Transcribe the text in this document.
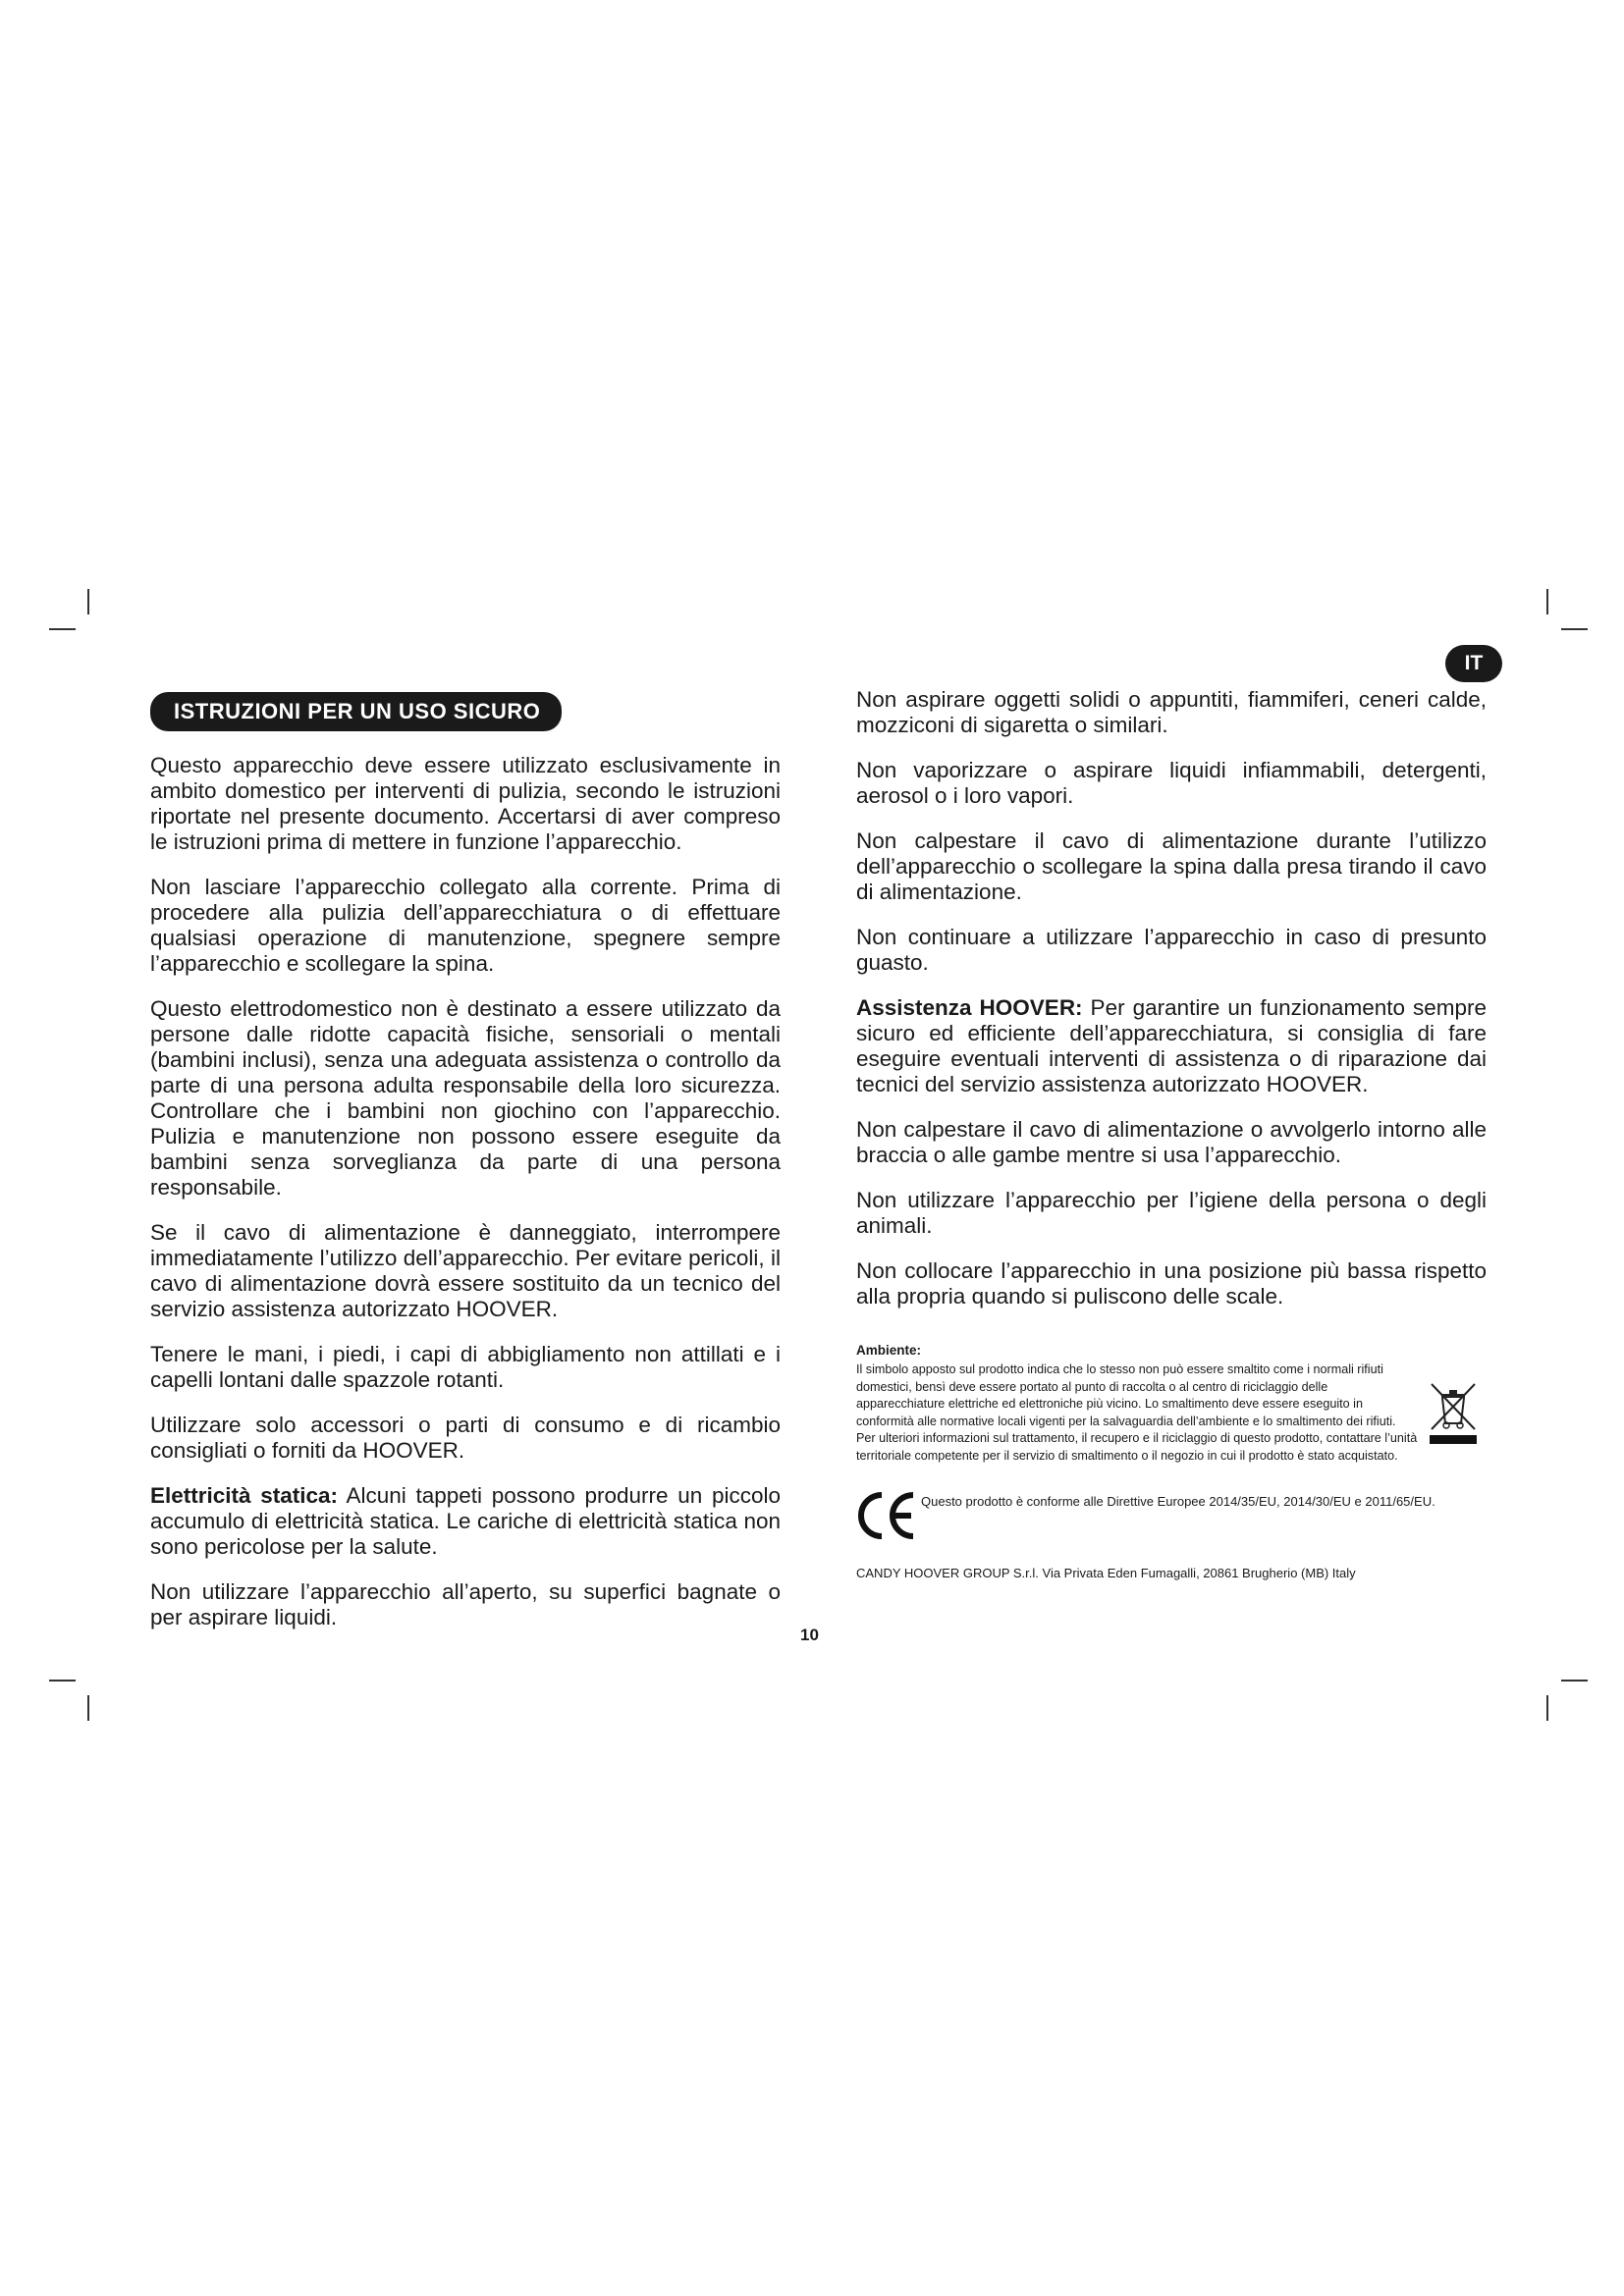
IT
ISTRUZIONI PER UN USO SICURO

Questo apparecchio deve essere utilizzato esclusivamente in ambito domestico per interventi di pulizia, secondo le istruzioni riportate nel presente documento. Accertarsi di aver compreso le istruzioni prima di mettere in funzione l’apparecchio.

Non lasciare l’apparecchio collegato alla corrente. Prima di procedere alla pulizia dell’apparecchiatura o di effettuare qualsiasi operazione di manutenzione, spegnere sempre l’apparecchio e scollegare la spina.

Questo elettrodomestico non è destinato a essere utilizzato da persone dalle ridotte capacità fisiche, sensoriali o mentali (bambini inclusi), senza una adeguata assistenza o controllo da parte di una persona adulta responsabile della loro sicurezza. Controllare che i bambini non giochino con l’apparecchio. Pulizia e manutenzione non possono essere eseguite da bambini senza sorveglianza da parte di una persona responsabile.

Se il cavo di alimentazione è danneggiato, interrompere immediatamente l’utilizzo dell’apparecchio. Per evitare pericoli, il cavo di alimentazione dovrà essere sostituito da un tecnico del servizio assistenza autorizzato HOOVER.

Tenere le mani, i piedi, i capi di abbigliamento non attillati e i capelli lontani dalle spazzole rotanti.

Utilizzare solo accessori o parti di consumo e di ricambio consigliati o forniti da HOOVER.

Elettricità statica: Alcuni tappeti possono produrre un piccolo accumulo di elettricità statica. Le cariche di elettricità statica non sono pericolose per la salute.

Non utilizzare l’apparecchio all’aperto, su superfici bagnate o per aspirare liquidi.

Non aspirare oggetti solidi o appuntiti, fiammiferi, ceneri calde, mozziconi di sigaretta o similari.

Non vaporizzare o aspirare liquidi infiammabili, detergenti, aerosol o i loro vapori.

Non calpestare il cavo di alimentazione durante l’utilizzo dell’apparecchio o scollegare la spina dalla presa tirando il cavo di alimentazione.

Non continuare a utilizzare l’apparecchio in caso di presunto guasto.

Assistenza HOOVER: Per garantire un funzionamento sempre sicuro ed efficiente dell’apparecchiatura, si consiglia di fare eseguire eventuali interventi di assistenza o di riparazione dai tecnici del servizio assistenza autorizzato HOOVER.

Non calpestare il cavo di alimentazione o avvolgerlo intorno alle braccia o alle gambe mentre si usa l’apparecchio.

Non utilizzare l’apparecchio per l’igiene della persona o degli animali.

Non collocare l’apparecchio in una posizione più bassa rispetto alla propria quando si puliscono delle scale.

Ambiente:

Il simbolo apposto sul prodotto indica che lo stesso non può essere smaltito come i normali rifiuti domestici, bensì deve essere portato al punto di raccolta o al centro di riciclaggio delle apparecchiature elettriche ed elettroniche più vicino. Lo smaltimento deve essere eseguito in conformità alle normative locali vigenti per la salvaguardia dell’ambiente e lo smaltimento dei rifiuti. Per ulteriori informazioni sul trattamento, il recupero e il riciclaggio di questo prodotto, contattare l’unità territoriale competente per il servizio di smaltimento o il negozio in cui il prodotto è stato acquistato.

Questo prodotto è conforme alle Direttive Europee 2014/35/EU, 2014/30/EU e 2011/65/EU.

CANDY HOOVER GROUP S.r.l. Via Privata Eden Fumagalli, 20861 Brugherio (MB) Italy

10
